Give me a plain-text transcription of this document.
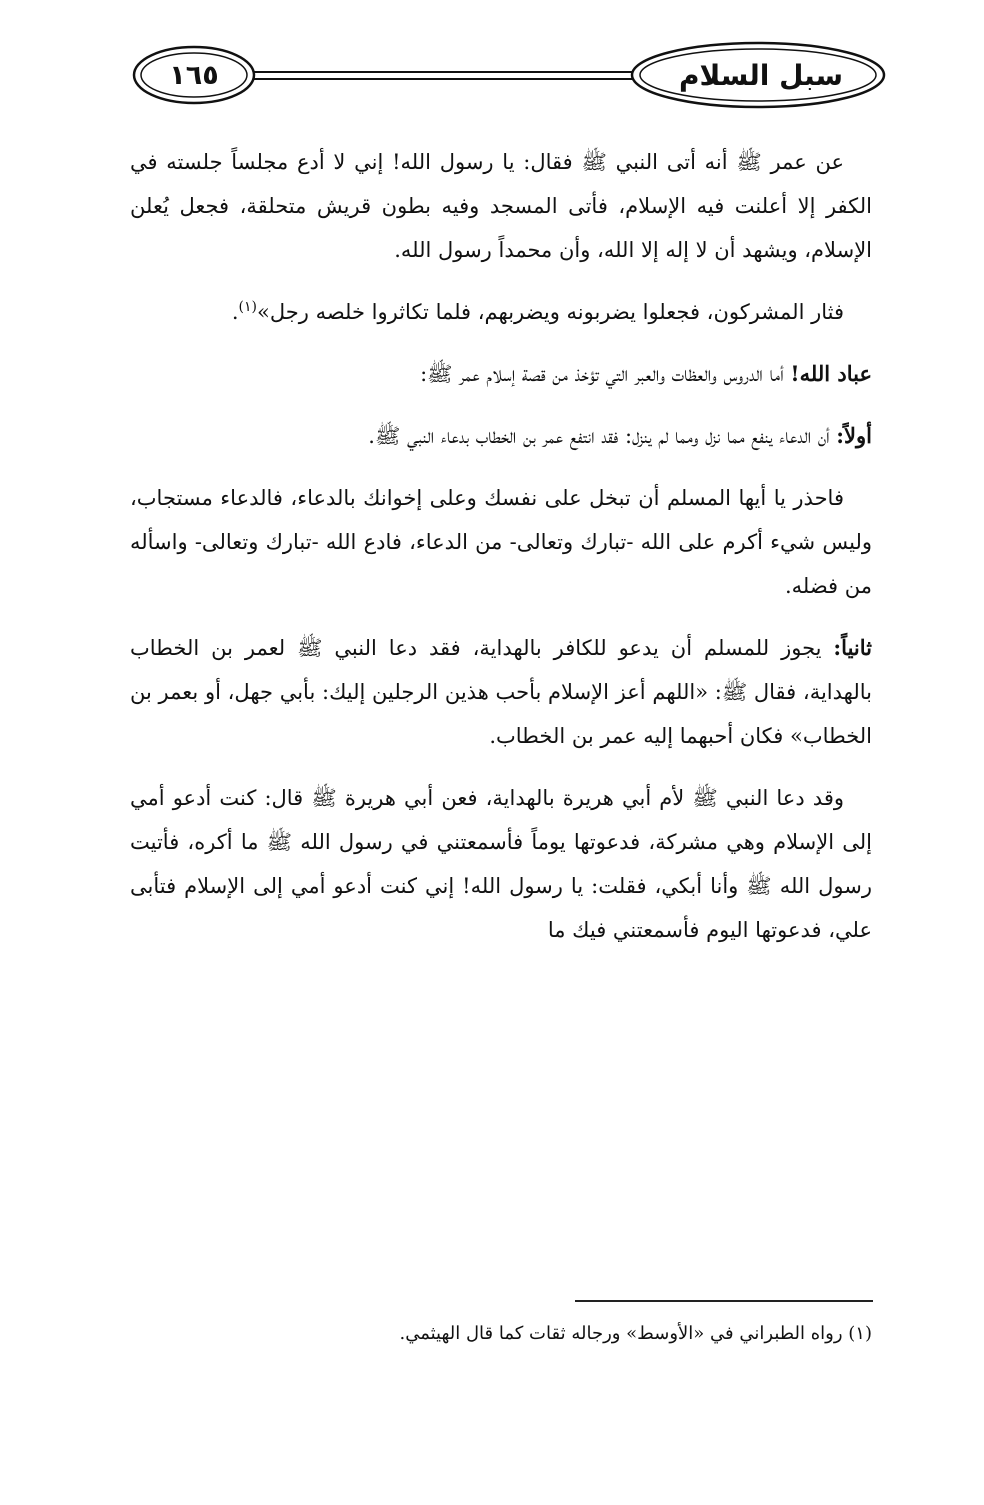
١٦٥	سبل السلام

عن عمر ﷺ أنه أتى النبي ﷺ فقال: يا رسول الله! إني لا أدع مجلساً جلسته في الكفر إلا أعلنت فيه الإسلام، فأتى المسجد وفيه بطون قريش متحلقة، فجعل يُعلن الإسلام، ويشهد أن لا إله إلا الله، وأن محمداً رسول الله.

فثار المشركون، فجعلوا يضربونه ويضربهم، فلما تكاثروا خلصه رجل»$^{(١)}$.

عباد الله! أما الدروس والعظات والعبر التي تؤخذ من قصة إسلام عمر ﷺ:

أولاً: أن الدعاء ينفع مما نزل ومما لم ينزل: فقد انتفع عمر بن الخطاب بدعاء النبي ﷺ.

فاحذر يا أيها المسلم أن تبخل على نفسك وعلى إخوانك بالدعاء، فالدعاء مستجاب، وليس شيء أكرم على الله -تبارك وتعالى- من الدعاء، فادع الله -تبارك وتعالى- واسأله من فضله.

ثانياً: يجوز للمسلم أن يدعو للكافر بالهداية، فقد دعا النبي ﷺ لعمر بن الخطاب بالهداية، فقال ﷺ: «اللهم أعز الإسلام بأحب هذين الرجلين إليك: بأبي جهل، أو بعمر بن الخطاب» فكان أحبهما إليه عمر بن الخطاب.

وقد دعا النبي ﷺ لأم أبي هريرة بالهداية، فعن أبي هريرة ﷺ قال: كنت أدعو أمي إلى الإسلام وهي مشركة، فدعوتها يوماً فأسمعتني في رسول الله ﷺ ما أكره، فأتيت رسول الله ﷺ وأنا أبكي، فقلت: يا رسول الله! إني كنت أدعو أمي إلى الإسلام فتأبى علي، فدعوتها اليوم فأسمعتني فيك ما

(١) رواه الطبراني في «الأوسط» ورجاله ثقات كما قال الهيثمي.
